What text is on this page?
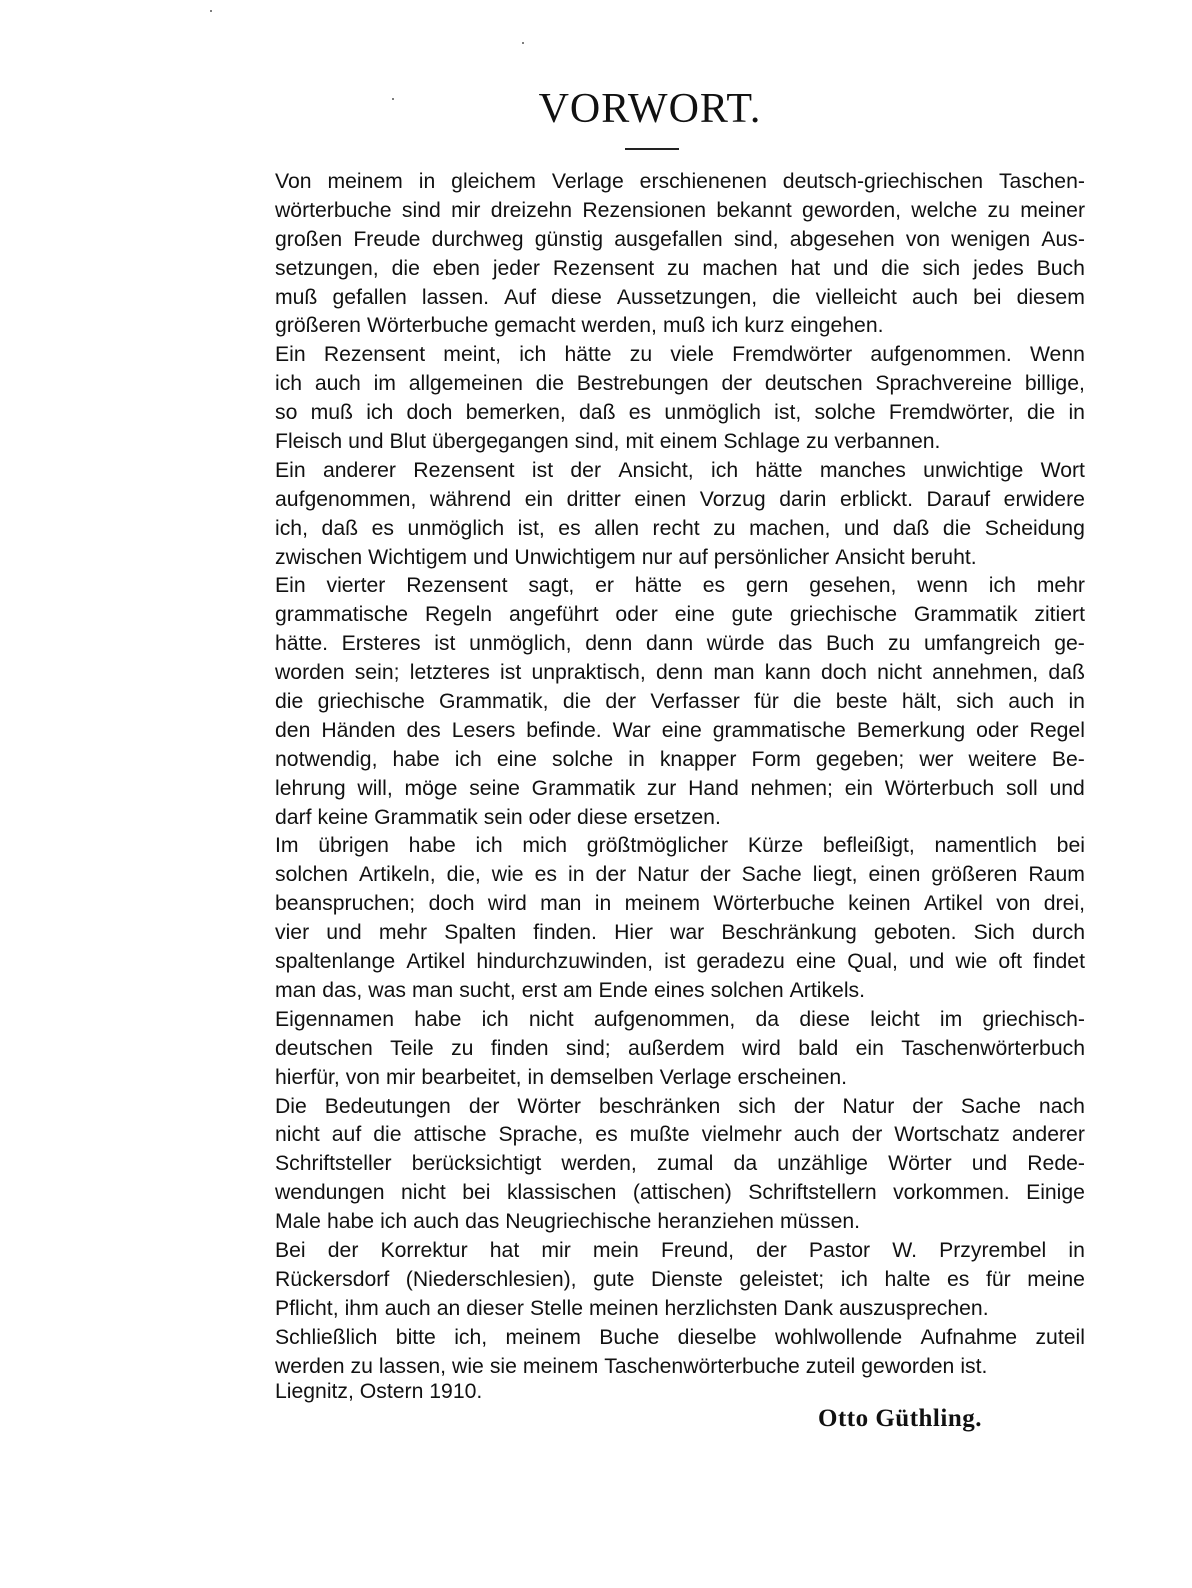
VORWORT.
Von meinem in gleichem Verlage erschienenen deutsch-griechischen Taschen-
wörterbuche sind mir dreizehn Rezensionen bekannt geworden, welche zu meiner
großen Freude durchweg günstig ausgefallen sind, abgesehen von wenigen Aus-
setzungen, die eben jeder Rezensent zu machen hat und die sich jedes Buch
muß gefallen lassen. Auf diese Aussetzungen, die vielleicht auch bei diesem
größeren Wörterbuche gemacht werden, muß ich kurz eingehen.
Ein Rezensent meint, ich hätte zu viele Fremdwörter aufgenommen. Wenn
ich auch im allgemeinen die Bestrebungen der deutschen Sprachvereine billige,
so muß ich doch bemerken, daß es unmöglich ist, solche Fremdwörter, die in
Fleisch und Blut übergegangen sind, mit einem Schlage zu verbannen.
Ein anderer Rezensent ist der Ansicht, ich hätte manches unwichtige Wort
aufgenommen, während ein dritter einen Vorzug darin erblickt. Darauf erwidere
ich, daß es unmöglich ist, es allen recht zu machen, und daß die Scheidung
zwischen Wichtigem und Unwichtigem nur auf persönlicher Ansicht beruht.
Ein vierter Rezensent sagt, er hätte es gern gesehen, wenn ich mehr
grammatische Regeln angeführt oder eine gute griechische Grammatik zitiert
hätte. Ersteres ist unmöglich, denn dann würde das Buch zu umfangreich ge-
worden sein; letzteres ist unpraktisch, denn man kann doch nicht annehmen, daß
die griechische Grammatik, die der Verfasser für die beste hält, sich auch in
den Händen des Lesers befinde. War eine grammatische Bemerkung oder Regel
notwendig, habe ich eine solche in knapper Form gegeben; wer weitere Be-
lehrung will, möge seine Grammatik zur Hand nehmen; ein Wörterbuch soll und
darf keine Grammatik sein oder diese ersetzen.
Im übrigen habe ich mich größtmöglicher Kürze befleißigt, namentlich bei
solchen Artikeln, die, wie es in der Natur der Sache liegt, einen größeren Raum
beanspruchen; doch wird man in meinem Wörterbuche keinen Artikel von drei,
vier und mehr Spalten finden. Hier war Beschränkung geboten. Sich durch
spaltenlange Artikel hindurchzuwinden, ist geradezu eine Qual, und wie oft findet
man das, was man sucht, erst am Ende eines solchen Artikels.
Eigennamen habe ich nicht aufgenommen, da diese leicht im griechisch-
deutschen Teile zu finden sind; außerdem wird bald ein Taschenwörterbuch
hierfür, von mir bearbeitet, in demselben Verlage erscheinen.
Die Bedeutungen der Wörter beschränken sich der Natur der Sache nach
nicht auf die attische Sprache, es mußte vielmehr auch der Wortschatz anderer
Schriftsteller berücksichtigt werden, zumal da unzählige Wörter und Rede-
wendungen nicht bei klassischen (attischen) Schriftstellern vorkommen. Einige
Male habe ich auch das Neugriechische heranziehen müssen.
Bei der Korrektur hat mir mein Freund, der Pastor W. Przyrembel in
Rückersdorf (Niederschlesien), gute Dienste geleistet; ich halte es für meine
Pflicht, ihm auch an dieser Stelle meinen herzlichsten Dank auszusprechen.
Schließlich bitte ich, meinem Buche dieselbe wohlwollende Aufnahme zuteil
werden zu lassen, wie sie meinem Taschenwörterbuche zuteil geworden ist.
Liegnitz, Ostern 1910.
Otto Güthling.
